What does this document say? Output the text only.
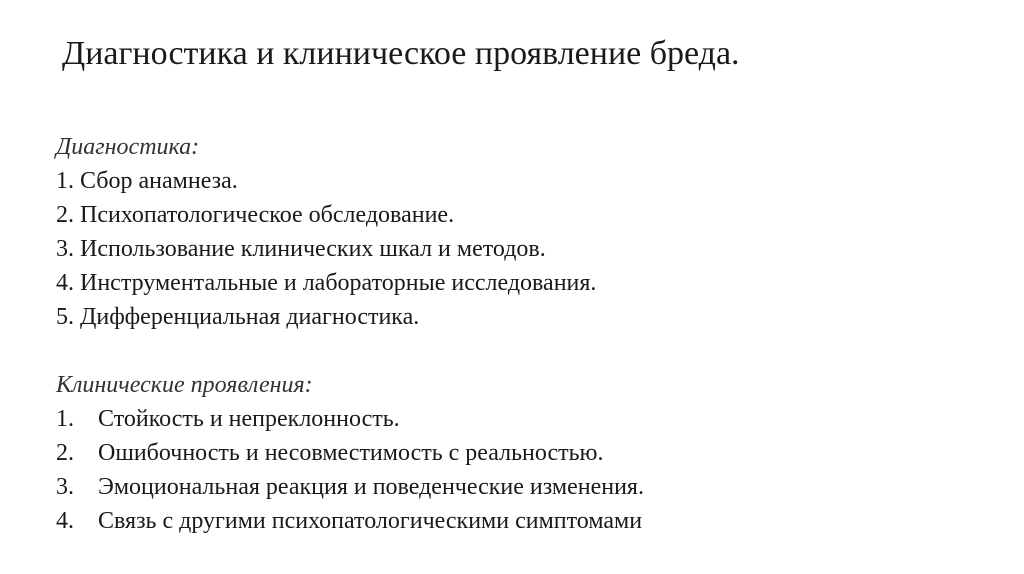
Диагностика и клиническое проявление бреда.
Диагностика:
1. Сбор анамнеза.
2. Психопатологическое обследование.
3. Использование клинических шкал и методов.
4. Инструментальные и лабораторные исследования.
5. Дифференциальная диагностика.
Клинические проявления:
1.	Стойкость и непреклонность.
2.	Ошибочность и несовместимость с реальностью.
3.	Эмоциональная реакция и поведенческие изменения.
4.	Связь с другими психопатологическими симптомами
